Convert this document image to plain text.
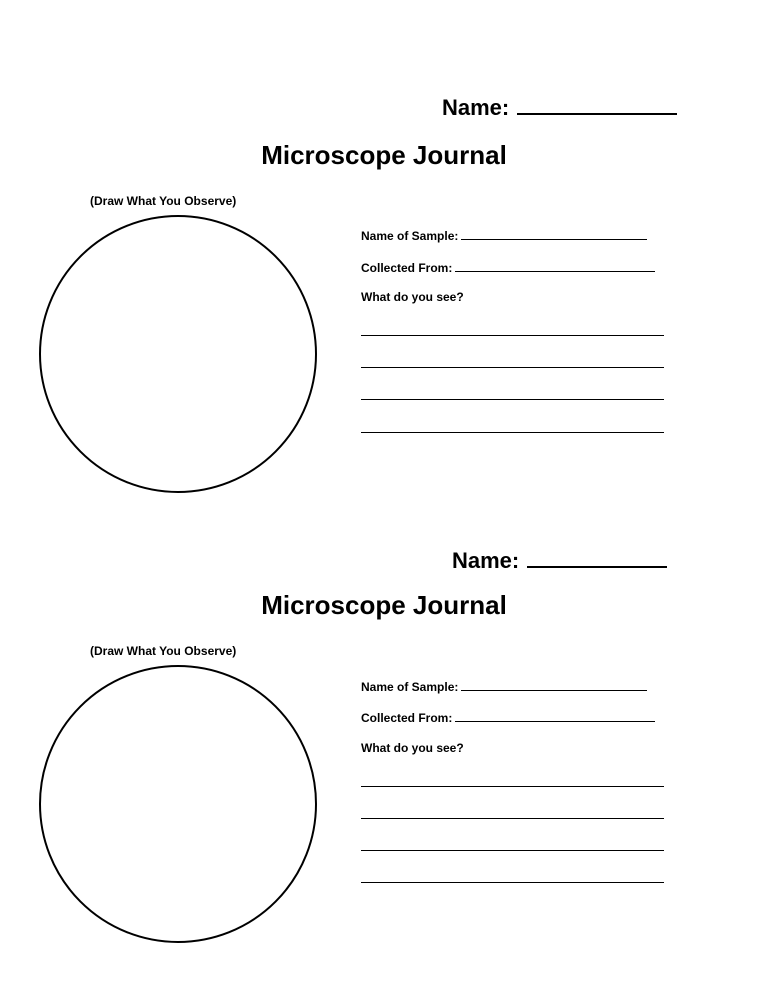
Name:
Microscope Journal
(Draw What You Observe)
Name of Sample:
Collected From:
What do you see?
Name:
Microscope Journal
(Draw What You Observe)
Name of Sample:
Collected From:
What do you see?
